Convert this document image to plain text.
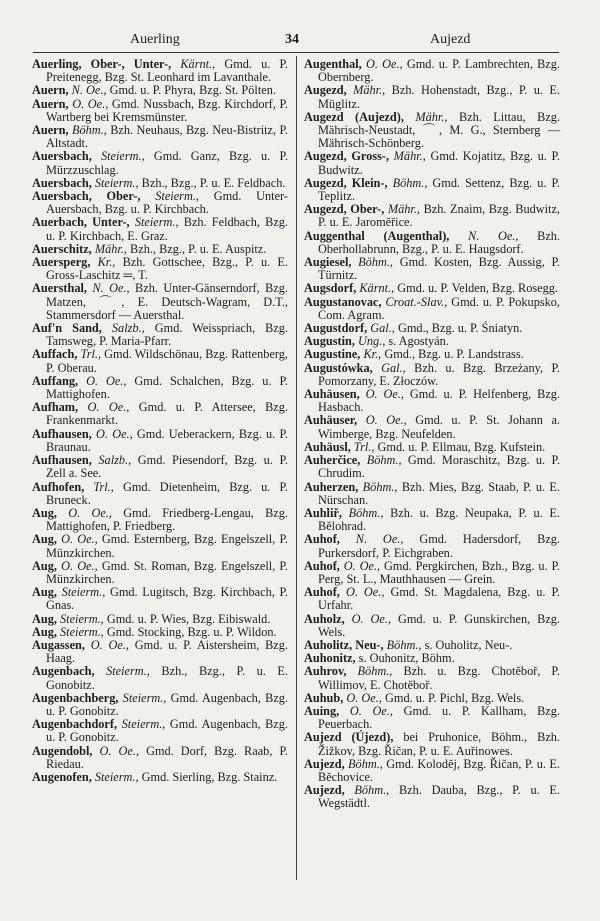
Auerling	34	Aujezd

Auerling, Ober-, Unter-, Kärnt., Gmd. u. P. Preitenegg, Bzg. St. Leonhard im Lavanthale.

Auern, N. Oe., Gmd. u. P. Phyra, Bzg. St. Pölten.

Auern, O. Oe., Gmd. Nussbach, Bzg. Kirchdorf, P. Wartberg bei Kremsmünster.

Auern, Böhm., Bzh. Neuhaus, Bzg. Neu-Bistritz, P. Altstadt.

Auersbach, Steierm., Gmd. Ganz, Bzg. u. P. Mürzzuschlag.

Auersbach, Steierm., Bzh., Bzg., P. u. E. Feldbach.

Auersbach, Ober-, Steierm., Gmd. Unter-Auersbach, Bzg. u. P. Kirchbach.

Auerbach, Unter-, Steierm., Bzh. Feldbach, Bzg. u. P. Kirchbach, E. Graz.

Auerschitz, Mähr., Bzh., Bzg., P. u. E. Auspitz.

Auersperg, Kr., Bzh. Gottschee, Bzg., P. u. E. Gross-Laschitz ═, T.

Auersthal, N. Oe., Bzh. Unter-Gänserndorf, Bzg. Matzen, ⌒, E. Deutsch-Wagram, D.T., Stammersdorf — Auersthal.

Auf'n Sand, Salzb., Gmd. Weisspriach, Bzg. Tamsweg, P. Maria-Pfarr.

Auffach, Trl., Gmd. Wildschönau, Bzg. Rattenberg, P. Oberau.

Auffang, O. Oe., Gmd. Schalchen, Bzg. u. P. Mattighofen.

Aufham, O. Oe., Gmd. u. P. Attersee, Bzg. Frankenmarkt.

Aufhausen, O. Oe., Gmd. Ueberackern, Bzg. u. P. Braunau.

Aufhausen, Salzb., Gmd. Piesendorf, Bzg. u. P. Zell a. See.

Aufhofen, Trl., Gmd. Dietenheim, Bzg. u. P. Bruneck.

Aug, O. Oe., Gmd. Friedberg-Lengau, Bzg. Mattighofen, P. Friedberg.

Aug, O. Oe., Gmd. Esternberg, Bzg. Engelszell, P. Münzkirchen.

Aug, O. Oe., Gmd. St. Roman, Bzg. Engelszell, P. Münzkirchen.

Aug, Steierm., Gmd. Lugitsch, Bzg. Kirchbach, P. Gnas.

Aug, Steierm., Gmd. u. P. Wies, Bzg. Eibiswald.

Aug, Steierm., Gmd. Stocking, Bzg. u. P. Wildon.

Augassen, O. Oe., Gmd. u. P. Aistersheim, Bzg. Haag.

Augenbach, Steierm., Bzh., Bzg., P. u. E. Gonobitz.

Augenbachberg, Steierm., Gmd. Augenbach, Bzg. u. P. Gonobitz.

Augenbachdorf, Steierm., Gmd. Augenbach, Bzg. u. P. Gonobitz.

Augendobl, O. Oe., Gmd. Dorf, Bzg. Raab, P. Riedau.

Augenofen, Steierm., Gmd. Sierling, Bzg. Stainz.

Augenthal, O. Oe., Gmd. u. P. Lambrechten, Bzg. Obernberg.

Augezd, Mähr., Bzh. Hohenstadt, Bzg., P. u. E. Müglitz.

Augezd (Aujezd), Mähr., Bzh. Littau, Bzg. Mährisch-Neustadt, ⌒, M. G., Sternberg — Mährisch-Schönberg.

Augezd, Gross-, Mähr., Gmd. Kojatitz, Bzg. u. P. Budwitz.

Augezd, Klein-, Böhm., Gmd. Settenz, Bzg. u. P. Teplitz.

Augezd, Ober-, Mähr., Bzh. Znaim, Bzg. Budwitz, P. u. E. Jaroměřice.

Auggenthal (Augenthal), N. Oe., Bzh. Oberhollabrunn, Bzg., P. u. E. Haugsdorf.

Augiesel, Böhm., Gmd. Kosten, Bzg. Aussig, P. Türnitz.

Augsdorf, Kärnt., Gmd. u. P. Velden, Bzg. Rosegg.

Augustanovac, Croat.-Slav., Gmd. u. P. Pokupsko, Com. Agram.

Augustdorf, Gal., Gmd., Bzg. u. P. Śniatyn.

Augustin, Ung., s. Agostyán.

Augustine, Kr., Gmd., Bzg. u. P. Landstrass.

Augustówka, Gal., Bzh. u. Bzg. Brzeżany, P. Pomorzany, E. Złoczów.

Auhäusen, O. Oe., Gmd. u. P. Helfenberg, Bzg. Hasbach.

Auhäuser, O. Oe., Gmd. u. P. St. Johann a. Wimberge, Bzg. Neufelden.

Auhäusl, Trl., Gmd. u. P. Ellmau, Bzg. Kufstein.

Auherčice, Böhm., Gmd. Moraschitz, Bzg. u. P. Chrudim.

Auherzen, Böhm., Bzh. Mies, Bzg. Staab, P. u. E. Nürschan.

Auhliř, Böhm., Bzh. u. Bzg. Neupaka, P. u. E. Bělohrad.

Auhof, N. Oe., Gmd. Hadersdorf, Bzg. Purkersdorf, P. Eichgraben.

Auhof, O. Oe., Gmd. Pergkirchen, Bzh., Bzg. u. P. Perg, St. L., Mauthhausen — Grein.

Auhof, O. Oe., Gmd. St. Magdalena, Bzg. u. P. Urfahr.

Auholz, O. Oe., Gmd. u. P. Gunskirchen, Bzg. Wels.

Auholitz, Neu-, Böhm., s. Ouholitz, Neu-.

Auhonitz, s. Ouhonitz, Böhm.

Auhrov, Böhm., Bzh. u. Bzg. Chotěboř, P. Willimov, E. Chotěboř.

Auhub, O. Oe., Gmd. u. P. Pichl, Bzg. Wels.

Auing, O. Oe., Gmd. u. P. Kallham, Bzg. Peuerbach.

Aujezd (Újezd), bei Pruhonice, Böhm., Bzh. Žižkov, Bzg. Řičan, P. u. E. Auřinowes.

Aujezd, Böhm., Gmd. Koloděj, Bzg. Řičan, P. u. E. Běchovice.

Aujezd, Böhm., Bzh. Dauba, Bzg., P. u. E. Wegstädtl.
